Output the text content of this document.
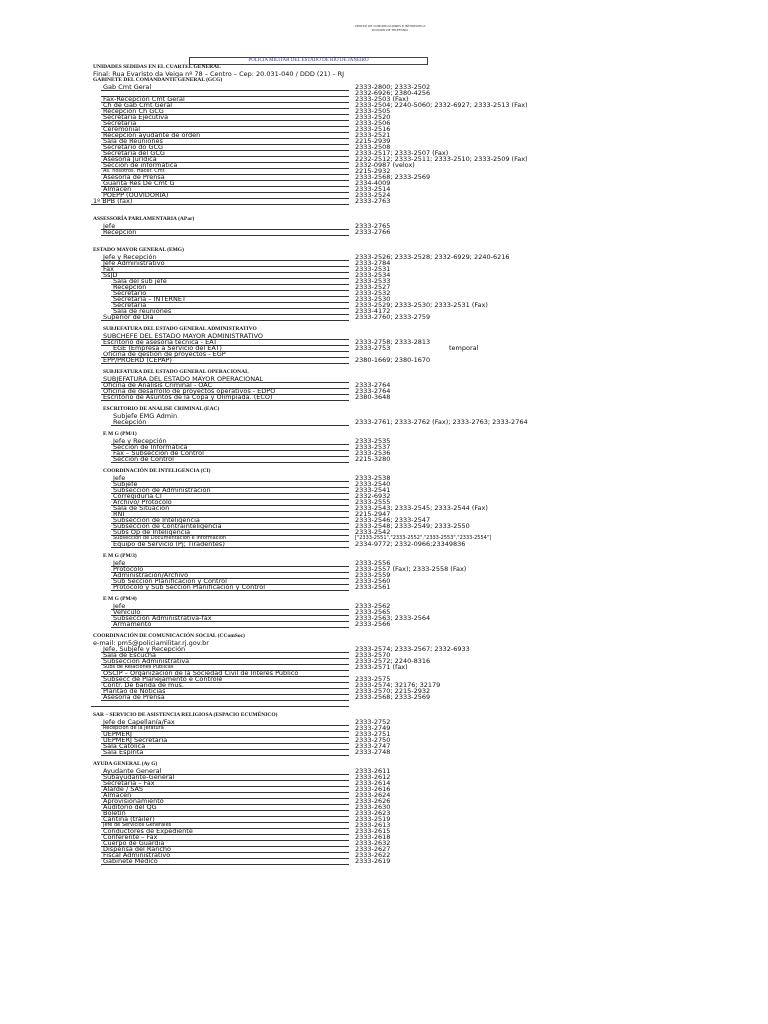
CENTRO DE COMUNICACIONES E INFORMATICA
DIVISIÓN DE TELEFONÍA
POLICIA MILITAR DEL ESTADO DE RÍO DE JANEIRO
UNIDADES SEDIDAS EN EL CUARTEL GENERAL
Final: Rua Evaristo da Veiga nº 78 – Centro – Cep: 20.031-040 / DDD (21) – RJ
GABINETE DEL COMANDANTE GENERAL (GCG)
Gab Cmt Geral	2333-2800; 2333-2502
2332-6926; 2380-4256
Fax-Recepción Cmt Geral	2333-2503 (Fax)
Ch de Gab Cmt Geral	2333-2504; 2240-5060; 2332-6927; 2333-2513 (Fax)
Recepción Ch GCG	2333-2505
Secretaria Ejecutiva	2333-2520
Secretaria	2333-2506
Ceremonial	2333-2516
Recepción ayudante de orden	2333-2521
Sala de Reuniones	2215-2939
Secretário do GCG	2333-2508
Secretaria del GCG	2333-2517; 2333-2507 (Fax)
Asesoría Jurídica	2232-2512; 2333-2511; 2333-2510; 2333-2509 (Fax)
Sección de informática	2332-0987 (velox)
As. nosotros. Hacer. Cmt	2215-2932
Asesoría de Prensa	2333-2568; 2333-2569
Guarita Res De Cmt G	2334-4009
Almacén	2333-2514
POEPP (OUVIDORIA)	2333-2524
1º BPB (fax)	2333-2763
ASSESSORÍA PARLAMENTARIA (APar)
Jefe	2333-2765
Recepción	2333-2766
ESTADO MAYOR GENERAL (EMG)
Jefe y Recepción	2333-2526; 2333-2528; 2332-6929; 2240-6216
Jefe Administrativo	2333-2784
Fax	2333-2531
SsJD	2333-2534
Sala del sub jefe	2333-2533
Recepción	2333-2527
Secretario	2333-2532
Secretaría – INTERNET	2333-2530
Secretaria	2333-2529; 2333-2530; 2333-2531 (Fax)
Sala de reuniones	2333-4172
Superior de Día	2333-2760; 2333-2759
SUBJEFATURA DEL ESTADO GENERAL ADMINISTRATIVO
SUBCHEFE DEL ESTADO MAYOR ADMINISTRATIVO
Escritorio de asesoría técnica - EAT	2333-2758; 2333-2813
EGE (Empresa a Servicio del EAT)	2333-2753	temporal
Oficina de gestión de proyectos - EGP
EPP/PROERD (CEPAP)	2380-1669; 2380-1670
SUBJEFATURA DEL ESTADO GENERAL OPERACIONAL
SUBJEFATURA DEL ESTADO MAYOR OPERACIONAL
Oficina de Análisis Criminal - OAC	2333-2764
Oficina de desarrollo de proyectos operativos - EDPO	2333-2764
Escritorio de Asuntos de la Copa y Olimpíada. (ECO)	2380-3648
ESCRITORIO DE ANALISE CRIMINAL (EAC)
Subjefe EMG Admin
Recepción	2333-2761; 2333-2762 (Fax); 2333-2763; 2333-2764
E M G (PM/1)
Jefe y Recepción	2333-2535
Sección de Informática	2333-2537
Fax – Subsección de Control	2333-2536
Sección de Control	2215-3280
COORDINACIÓN DE INTELIGENCIA (CI)
Jefe	2333-2538
Subjefe	2333-2540
Subsección de Administración	2333-2541
Corregiduría CI	2332-6932
Archivo/ Protocolo	2333-2555
Sala de Situación	2333-2543; 2333-2545; 2333-2544 (Fax)
RNI	2215-2947
Subsección de Inteligencia	2333-2546; 2333-2547
Subsección de Contrainteligencia	2333-2548; 2333-2549; 2333-2550
Subs Op de Inteligencia	2333-2542
Subsección de Documentación e Información	["2333-2551","2333-2552","2333-2553","2333-2554"]
Equipo de Servicio (Pj; Tiradentes)	2334-9772; 2332-0966;23349836
E M G (PM/3)
Jefe	2333-2556
Protocolo	2333-2557 (Fax); 2333-2558 (Fax)
Administración/Archivo	2333-2559
Sub Sección Planificación y Control	2333-2560
Protocolo y Sub Sección Planificación y Control	2333-2561
E M G (PM/4)
Jefe	2333-2562
Vehículo	2333-2565
Subsección Administrativa-fax	2333-2563; 2333-2564
Armamento	2333-2566
COORDINACIÓN DE COMUNICACIÓN SOCIAL (CComSoc)
e-mail: pm5@policiamilitar.rj.gov.br
Jefe, Subjefe y Recepción	2333-2574; 2333-2567; 2332-6933
Sala de Escucha	2333-2570
Subsección Administrativa	2333-2572; 2240-8316
Subs de Relaciones Públicas	2333-2571 (fax)
OSCIP – Organización de la Sociedad Civil de Interés Público
Subsecc de Planejamento e Controle	2333-2575
Contr. De banda de mus.	2333-2574; 32176; 32179
Plantão de Notícias	2333-2570; 2215-2932
Asesoría de Prensa	2333-2568; 2333-2569
SAR – SERVICIO DE ASISTENCIA RELIGIOSA (ESPACIO ECUMÉNICO)
Jefe de Capellanía/Fax	2333-2752
Recepción de la Jefatura	2333-2749
UEPMERJ	2333-2751
UEPMERJ Secretaría	2333-2750
Sala Católica	2333-2747
Sala Espírita	2333-2748
AYUDA GENERAL (Ay G)
Ayudante General	2333-2611
Subayudante-General	2333-2612
Secretaría – Fax	2333-2614
Alarde / SAS	2333-2616
Almacén	2333-2624
Aprovisionamiento	2333-2626
Auditorio del QG	2333-2630
Boletín	2333-2623
Cantina (tráiler)	2333-2519
Jefe de Servicios Generales	2333-2613
Conductores de Expediente	2333-2615
Conferente – Fax	2333-2618
Cuerpo de Guardia	2333-2632
Dispensa del Rancho	2333-2627
Fiscal Administrativo	2333-2622
Gabinete Médico	2333-2619
